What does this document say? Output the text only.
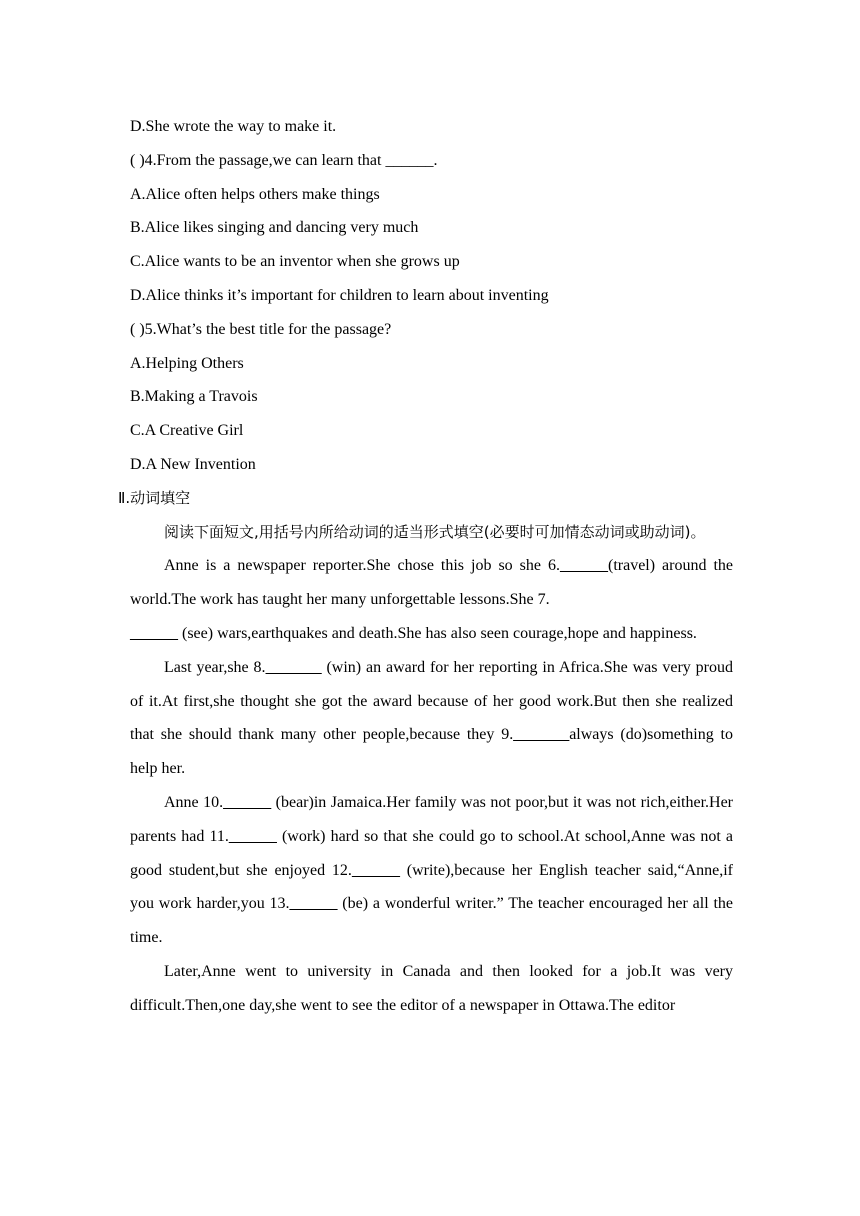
D.She wrote the way to make it.
( )4.From the passage,we can learn that ______.
A.Alice often helps others make things
B.Alice likes singing and dancing very much
C.Alice wants to be an inventor when she grows up
D.Alice thinks it’s important for children to learn about inventing
( )5.What’s the best title for the passage?
A.Helping Others
B.Making a Travois
C.A Creative Girl
D.A New Invention
Ⅱ.动词填空
阅读下面短文,用括号内所给动词的适当形式填空(必要时可加情态动词或助动词)。
Anne is a newspaper reporter.She chose this job so she 6.______(travel) around the world.The work has taught her many unforgettable lessons.She 7.
______ (see) wars,earthquakes and death.She has also seen courage,hope and happiness.
Last year,she 8._______ (win) an award for her reporting in Africa.She was very proud of it.At first,she thought she got the award because of her good work.But then she realized that she should thank many other people,because they 9._______always (do)something to help her.
Anne 10.______ (bear)in Jamaica.Her family was not poor,but it was not rich,either.Her parents had 11.______ (work) hard so that she could go to school.At school,Anne was not a good student,but she enjoyed 12.______ (write),because her English teacher said,“Anne,if you work harder,you 13.______ (be) a wonderful writer.” The teacher encouraged her all the time.
Later,Anne went to university in Canada and then looked for a job.It was very difficult.Then,one day,she went to see the editor of a newspaper in Ottawa.The editor
